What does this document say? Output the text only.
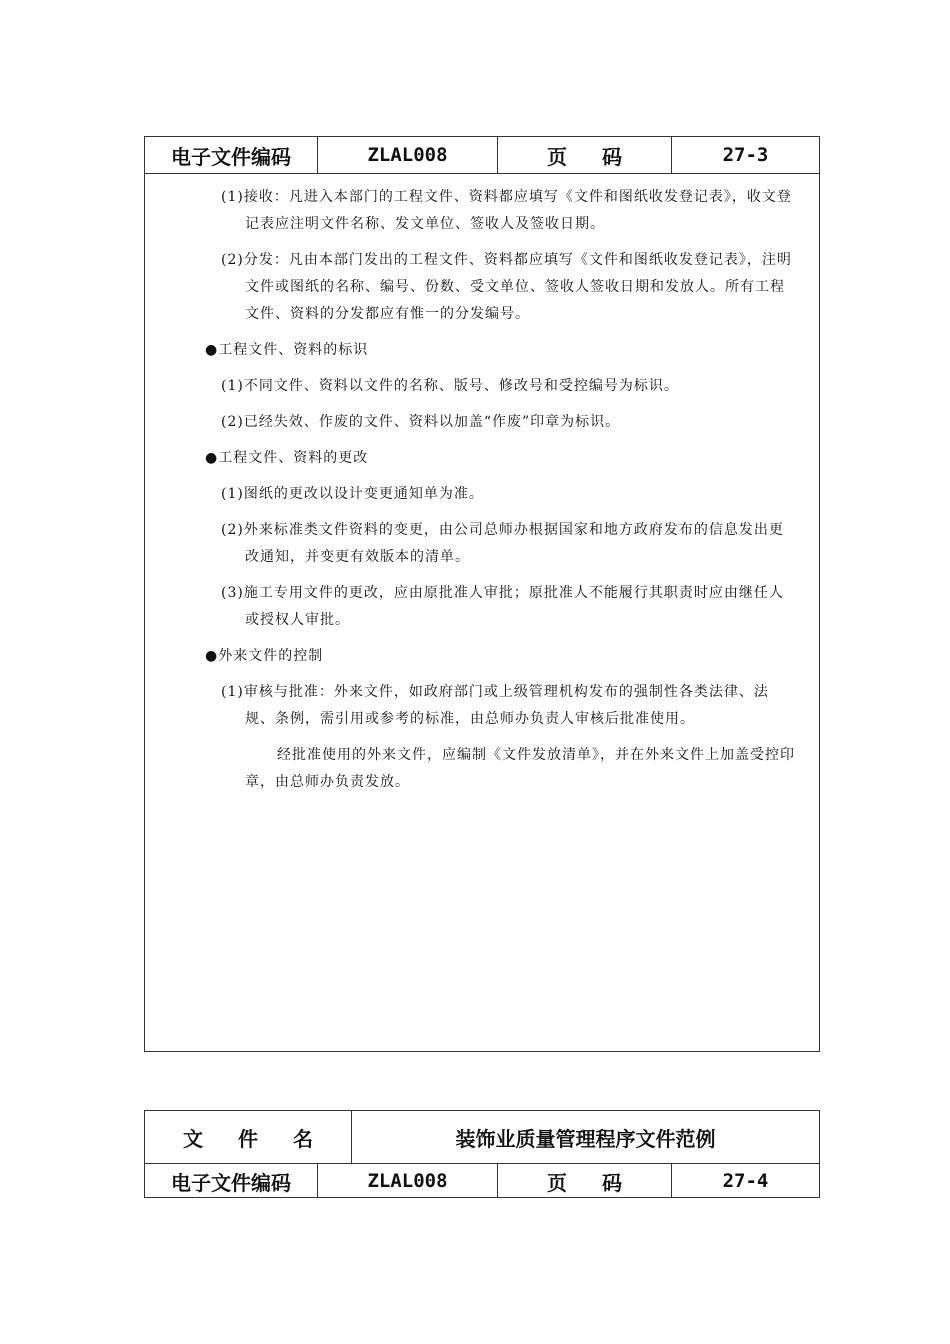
电子文件编码	ZLAL008	页 码	27-3

(1)接收：凡进入本部门的工程文件、资料都应填写《文件和图纸收发登记表》，收文登记表应注明文件名称、发文单位、签收人及签收日期。

(2)分发：凡由本部门发出的工程文件、资料都应填写《文件和图纸收发登记表》，注明文件或图纸的名称、编号、份数、受文单位、签收人签收日期和发放人。所有工程文件、资料的分发都应有惟一的分发编号。

●工程文件、资料的标识

(1)不同文件、资料以文件的名称、版号、修改号和受控编号为标识。

(2)已经失效、作废的文件、资料以加盖“作废”印章为标识。

●工程文件、资料的更改

(1)图纸的更改以设计变更通知单为准。

(2)外来标准类文件资料的变更，由公司总师办根据国家和地方政府发布的信息发出更改通知，并变更有效版本的清单。

(3)施工专用文件的更改，应由原批准人审批；原批准人不能履行其职责时应由继任人或授权人审批。

●外来文件的控制

(1)审核与批准：外来文件，如政府部门或上级管理机构发布的强制性各类法律、法规、条例，需引用或参考的标准，由总师办负责人审核后批准使用。

经批准使用的外来文件，应编制《文件发放清单》，并在外来文件上加盖受控印章，由总师办负责发放。

文 件 名	装饰业质量管理程序文件范例
电子文件编码	ZLAL008	页 码	27-4
